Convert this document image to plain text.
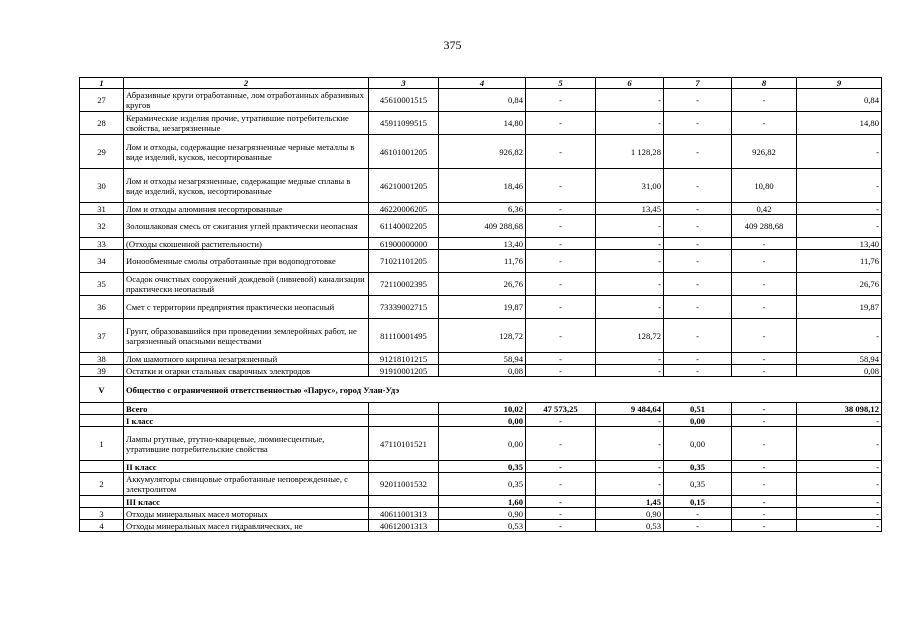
375
1	2	3	4	5	6	7	8	9
27	Абразивные круги отработанные, лом отработанных абразивных кругов	45610001515	0,84	-	-	-	-	0,84
28	Керамические изделия прочие, утратившие потребительские свойства, незагрязненные	45911099515	14,80	-	-	-	-	14,80
29	Лом и отходы, содержащие незагрязненные черные металлы в виде изделий, кусков, несортированные	46101001205	926,82	-	1 128,28	-	926,82	-
30	Лом и отходы незагрязненные, содержащие медные сплавы в виде изделий, кусков, несортированные	46210001205	18,46	-	31,00	-	10,80	-
31	Лом и отходы алюминия несортированные	46220006205	6,36	-	13,45	-	0,42	-
32	Золошлаковая смесь от сжигания углей практически неопасная	61140002205	409 288,68	-	-	-	409 288,68	-
33	(Отходы скошенной растительности)	61900000000	13,40	-	-	-	-	13,40
34	Ионообменные смолы отработанные при водоподготовке	71021101205	11,76	-	-	-	-	11,76
35	Осадок очистных сооружений дождевой (ливневой) канализации практически неопасный	72110002395	26,76	-	-	-	-	26,76
36	Смет с территории предприятия практически неопасный	73339002715	19,87	-	-	-	-	19,87
37	Грунт, образовавшийся при проведении землеройных работ, не загрязненный опасными веществами	81110001495	128,72	-	128,72	-	-	-
38	Лом шамотного кирпича незагрязненный	91218101215	58,94	-	-	-	-	58,94
39	Остатки и огарки стальных сварочных электродов	91910001205	0,08	-	-	-	-	0,08
V	Общество с ограниченной ответственностью «Парус», город Улан-Удэ							
	Всего		10,02	47 573,25	9 484,64	0,51	-	38 098,12
	I класс		0,00	-	-	0,00	-	-
1	Лампы ртутные, ртутно-кварцевые, люминесцентные, утратившие потребительские свойства	47110101521	0,00	-	-	0,00	-	-
	II класс		0,35	-	-	0,35	-	-
2	Аккумуляторы свинцовые отработанные неповрежденные, с электролитом	92011001532	0,35	-	-	0,35	-	-
	III класс		1,60	-	1,45	0,15	-	-
3	Отходы минеральных масел моторных	40611001313	0,90	-	0,90	-	-	-
4	Отходы минеральных масел гидравлических, не	40612001313	0,53	-	0,53	-	-	-
